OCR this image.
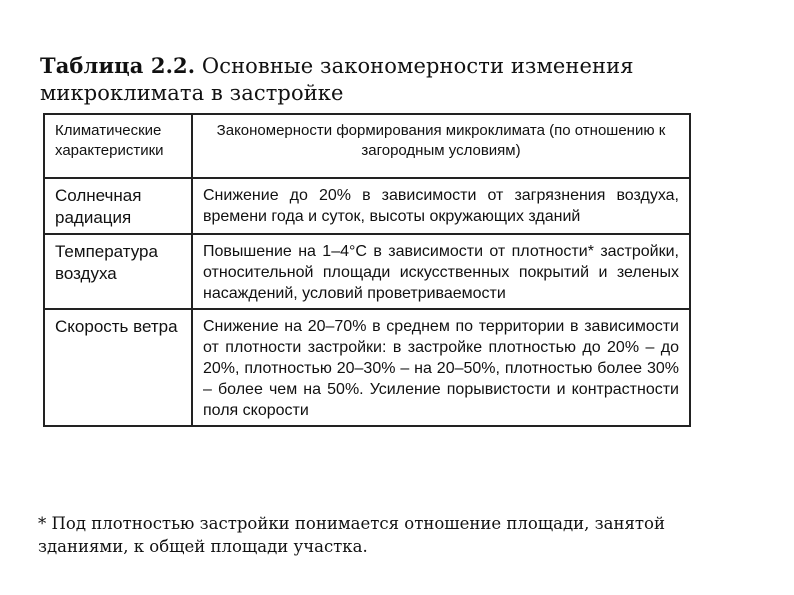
Таблица 2.2. Основные закономерности изменения микроклимата в застройке
Климатические характеристики	Закономерности формирования микроклимата (по отношению к загородным условиям)
Солнечная радиация	Снижение до 20% в зависимости от загрязнения воздуха, времени года и суток, высоты окружающих зданий
Температура воздуха	Повышение на 1–4°С в зависимости от плотности* застройки, относительной площади искусственных покрытий и зеленых насаждений, условий проветриваемости
Скорость ветра	Снижение на 20–70% в среднем по территории в зависимости от плотности застройки: в застройке плотностью до 20% – до 20%, плотностью 20–30% – на 20–50%, плотностью более 30% – более чем на 50%. Усиление порывистости и контрастности поля скорости
* Под плотностью застройки понимается отношение площади, занятой зданиями, к общей площади участка.
